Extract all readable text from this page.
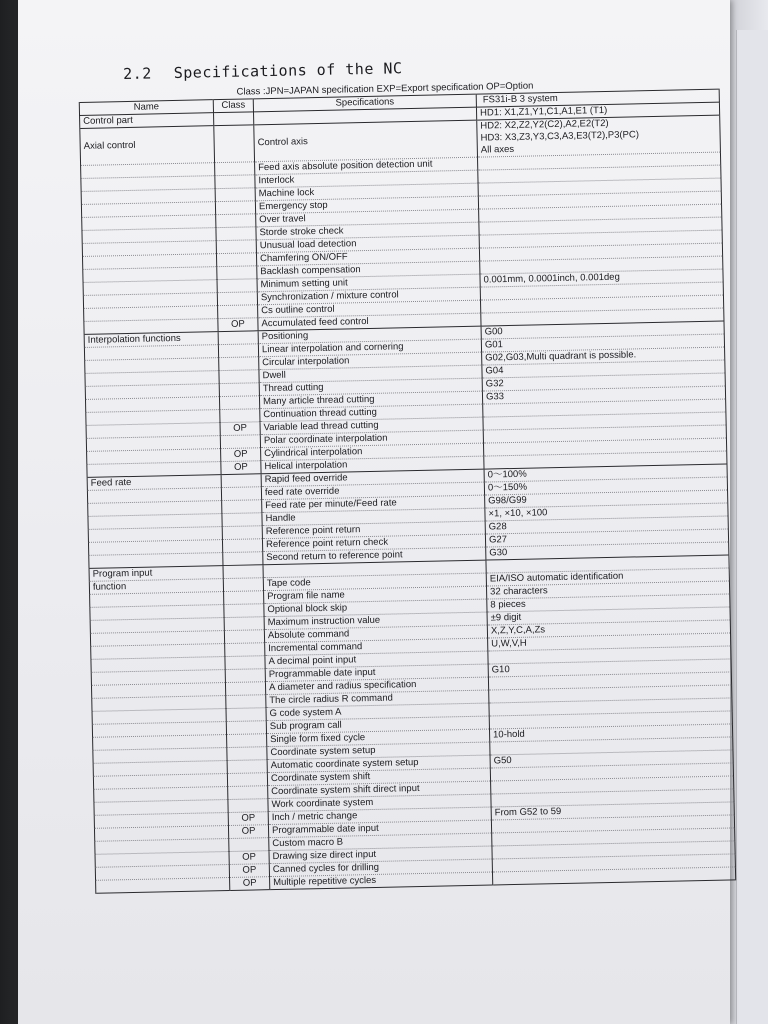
2.2 Specifications of the NC
Class :JPN=JAPAN specification EXP=Export specification OP=Option
Name	Class	Specifications	FS31i-B 3 system
Control part			HD1: X1,Z1,Y1,C1,A1,E1 (T1)

Axial control		Control axis	HD2: X2,Z2,Y2(C2),A2,E2(T2)
HD3: X3,Z3,Y3,C3,A3,E3(T2),P3(PC)
All axes

		Feed axis absolute position detection unit	
		Interlock	
		Machine lock	
		Emergency stop	
		Over travel	
		Storde stroke check	
		Unusual load detection	
		Chamfering ON/OFF	
		Backlash compensation	
		Minimum setting unit	0.001mm, 0.0001inch, 0.001deg

		Synchronization / mixture control	
		Cs outline control	
	OP	Accumulated feed control	
Interpolation functions		Positioning	G00

		Linear interpolation and cornering	G01

		Circular interpolation	G02,G03,Multi quadrant is possible.

		Dwell	G04

		Thread cutting	G32

		Many article thread cutting	G33

		Continuation thread cutting	
	OP	Variable lead thread cutting	
		Polar coordinate interpolation	
	OP	Cylindrical interpolation	
	OP	Helical interpolation	
Feed rate		Rapid feed override	0～100%

		feed rate override	0～150%

		Feed rate per minute/Feed rate	G98/G99

		Handle	×1, ×10, ×100

		Reference point return	G28

		Reference point return check	G27

		Second return to reference point	G30

Program input			
function		Tape code	EIA/ISO automatic identification

		Program file name	32 characters

		Optional block skip	8 pieces

		Maximum instruction value	±9 digit

		Absolute command	X,Z,Y,C,A,Zs

		Incremental command	U,W,V,H

		A decimal point input	
		Programmable date input	G10

		A diameter and radius specification	
		The circle radius R command	
		G code system A	
		Sub program call	
		Single form fixed cycle	10-hold

		Coordinate system setup	
		Automatic coordinate system setup	G50

		Coordinate system shift	
		Coordinate system shift direct input	
		Work coordinate system	
	OP	Inch / metric change	From G52 to 59

	OP	Programmable date input	
		Custom macro B	
	OP	Drawing size direct input	
	OP	Canned cycles for drilling	
	OP	Multiple repetitive cycles	
